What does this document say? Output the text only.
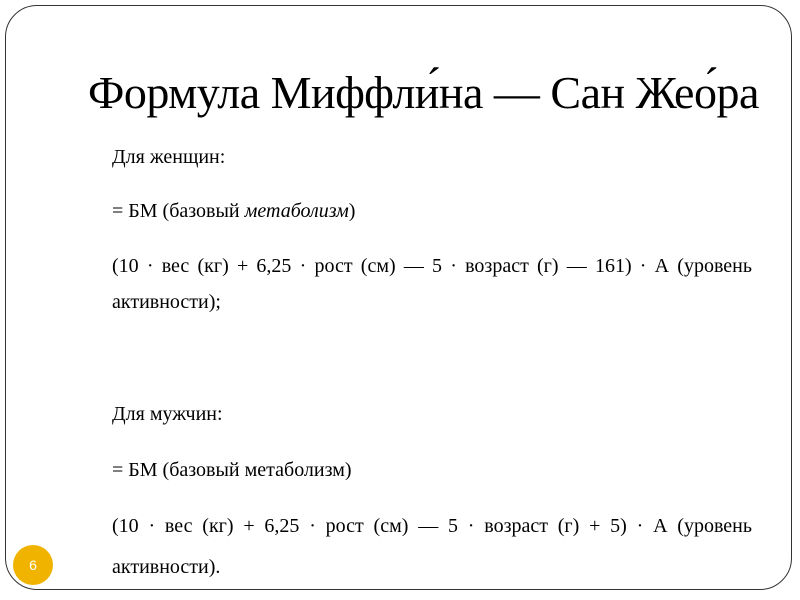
Формула Миффли́на — Сан Жео́ра
Для женщин:
= БМ (базовый метаболизм)
(10 · вес (кг) + 6,25 · рост (см) — 5 · возраст (г) — 161) · А (уровень
активности);
Для мужчин:
= БМ (базовый метаболизм)
(10 · вес (кг) + 6,25 · рост (см) — 5 · возраст (г) + 5) · А (уровень
активности).
6
